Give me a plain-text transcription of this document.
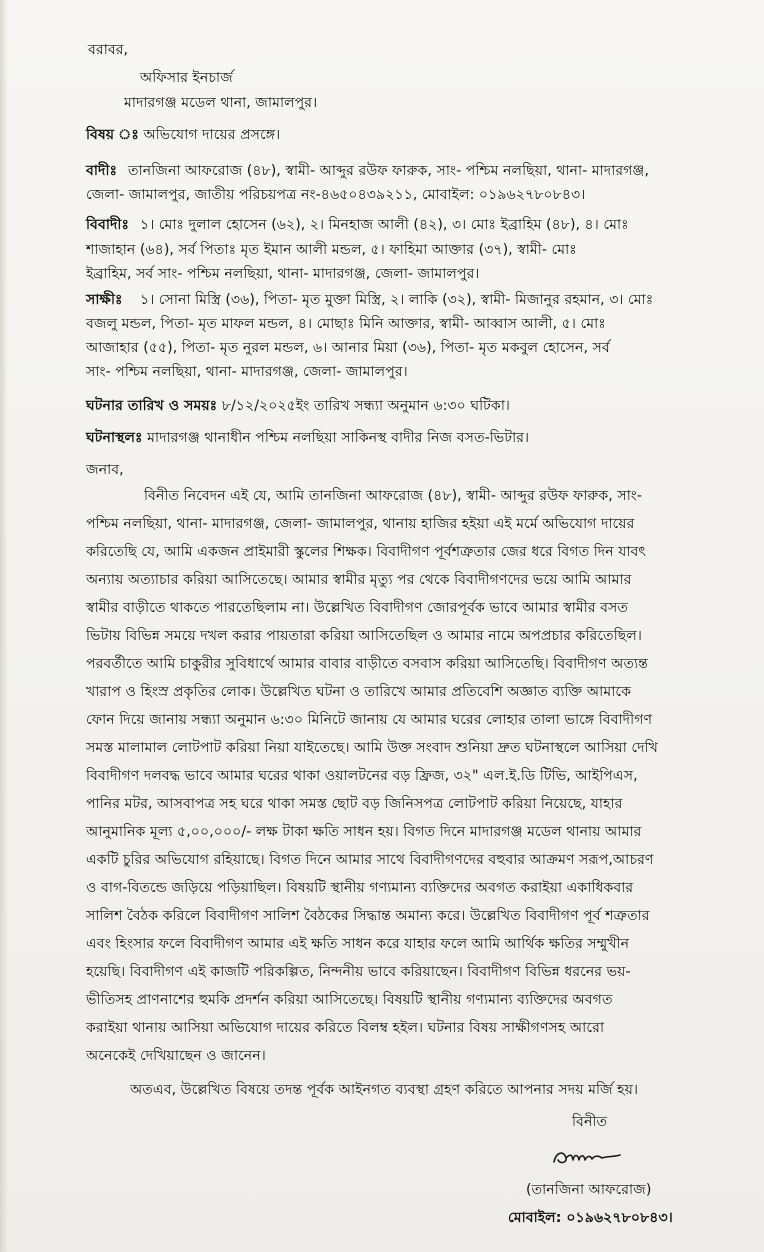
বরাবর,

অফিসার ইনচার্জ

মাদারগঞ্জ মডেল থানা, জামালপুর।

বিষয় ঃ অভিযোগ দায়ের প্রসঙ্গে।

বাদীঃ তানজিনা আফরোজ (৪৮), স্বামী- আব্দুর রউফ ফারুক, সাং- পশ্চিম নলছিয়া, থানা- মাদারগঞ্জ,

জেলা- জামালপুর, জাতীয় পরিচয়পত্র নং-৪৬৫০৪৩৯২১১, মোবাইল: ০১৯৬২৭৮০৮৪৩।

বিবাদীঃ ১। মোঃ দুলাল হোসেন (৬২), ২। মিনহাজ আলী (৪২), ৩। মোঃ ইব্রাহিম (৪৮), ৪। মোঃ

শাজাহান (৬৪), সর্ব পিতাঃ মৃত ইমান আলী মন্ডল, ৫। ফাহিমা আক্তার (৩৭), স্বামী- মোঃ

ইব্রাহিম, সর্ব সাং- পশ্চিম নলছিয়া, থানা- মাদারগঞ্জ, জেলা- জামালপুর।

সাক্ষীঃ ১। সোনা মিস্ত্রি (৩৬), পিতা- মৃত মুক্তা মিস্ত্রি, ২। লাকি (৩২), স্বামী- মিজানুর রহমান, ৩। মোঃ

বজলু মন্ডল, পিতা- মৃত মাফল মন্ডল, ৪। মোছাঃ মিনি আক্তার, স্বামী- আব্বাস আলী, ৫। মোঃ

আজাহার (৫৫), পিতা- মৃত নুরল মন্ডল, ৬। আনার মিয়া (৩৬), পিতা- মৃত মকবুল হোসেন, সর্ব

সাং- পশ্চিম নলছিয়া, থানা- মাদারগঞ্জ, জেলা- জামালপুর।

ঘটনার তারিখ ও সময়ঃ ৮/১২/২০২৫ইং তারিখ সন্ধ্যা অনুমান ৬:৩০ ঘটিকা।

ঘটনাস্থলঃ মাদারগঞ্জ থানাধীন পশ্চিম নলছিয়া সাকিনস্থ বাদীর নিজ বসত-ভিটার।

জনাব,

বিনীত নিবেদন এই যে, আমি তানজিনা আফরোজ (৪৮), স্বামী- আব্দুর রউফ ফারুক, সাং-

পশ্চিম নলছিয়া, থানা- মাদারগঞ্জ, জেলা- জামালপুর, থানায় হাজির হইয়া এই মর্মে অভিযোগ দায়ের

করিতেছি যে, আমি একজন প্রাইমারী স্কুলের শিক্ষক। বিবাদীগণ পূর্বশত্রুতার জের ধরে বিগত দিন যাবৎ

অন্যায় অত্যাচার করিয়া আসিতেছে। আমার স্বামীর মৃত্যু পর থেকে বিবাদীগণদের ভয়ে আমি আমার

স্বামীর বাড়ীতে থাকতে পারতেছিলাম না। উল্লেখিত বিবাদীগণ জোরপূর্বক ভাবে আমার স্বামীর বসত

ভিটায় বিভিন্ন সময়ে দখল করার পায়তারা করিয়া আসিতেছিল ও আমার নামে অপপ্রচার করিতেছিল।

পরবর্তীতে আমি চাকুরীর সুবিধার্থে আমার বাবার বাড়ীতে বসবাস করিয়া আসিতেছি। বিবাদীগণ অত্যন্ত

খারাপ ও হিংস্র প্রকৃতির লোক। উল্লেখিত ঘটনা ও তারিখে আমার প্রতিবেশি অজ্ঞাত ব্যক্তি আমাকে

ফোন দিয়ে জানায় সন্ধ্যা অনুমান ৬:৩০ মিনিটে জানায় যে আমার ঘরের লোহার তালা ভাঙ্গে বিবাদীগণ

সমস্ত মালামাল লোটপাট করিয়া নিয়া যাইতেছে। আমি উক্ত সংবাদ শুনিয়া দ্রুত ঘটনাস্থলে আসিয়া দেখি

বিবাদীগণ দলবদ্ধ ভাবে আমার ঘরের থাকা ওয়ালটনের বড় ফ্রিজ, ৩২" এল.ই.ডি টিভি, আইপিএস,

পানির মটর, আসবাপত্র সহ ঘরে থাকা সমস্ত ছোট বড় জিনিসপত্র লোটপাট করিয়া নিয়েছে, যাহার

আনুমানিক মূল্য ৫,০০,০০০/- লক্ষ টাকা ক্ষতি সাধন হয়। বিগত দিনে মাদারগঞ্জ মডেল থানায় আমার

একটি চুরির অভিযোগ রহিয়াছে। বিগত দিনে আমার সাথে বিবাদীগণদের বহুবার আক্রমণ সরূপ,আচরণ

ও বাগ-বিতন্ডে জড়িয়ে পড়িয়াছিল। বিষয়টি স্থানীয় গণ্যমান্য ব্যক্তিদের অবগত করাইয়া একাধিকবার

সালিশ বৈঠক করিলে বিবাদীগণ সালিশ বৈঠকের সিদ্ধান্ত অমান্য করে। উল্লেখিত বিবাদীগণ পূর্ব শত্রুতার

এবং হিংসার ফলে বিবাদীগণ আমার এই ক্ষতি সাধন করে যাহার ফলে আমি আর্থিক ক্ষতির সম্মুখীন

হয়েছি। বিবাদীগণ এই কাজটি পরিকল্পিত, নিন্দনীয় ভাবে করিয়াছেন। বিবাদীগণ বিভিন্ন ধরনের ভয়-

ভীতিসহ প্রাণনাশের হুমকি প্রদর্শন করিয়া আসিতেছে। বিষয়টি স্থানীয় গণ্যমান্য ব্যক্তিদের অবগত

করাইয়া থানায় আসিয়া অভিযোগ দায়ের করিতে বিলম্ব হইল। ঘটনার বিষয় সাক্ষীগণসহ আরো

অনেকেই দেখিয়াছেন ও জানেন।

অতএব, উল্লেখিত বিষয়ে তদন্ত পূর্বক আইনগত ব্যবস্থা গ্রহণ করিতে আপনার সদয় মর্জি হয়।

বিনীত

(তানজিনা আফরোজ)

মোবাইল: ০১৯৬২৭৮০৮৪৩।
